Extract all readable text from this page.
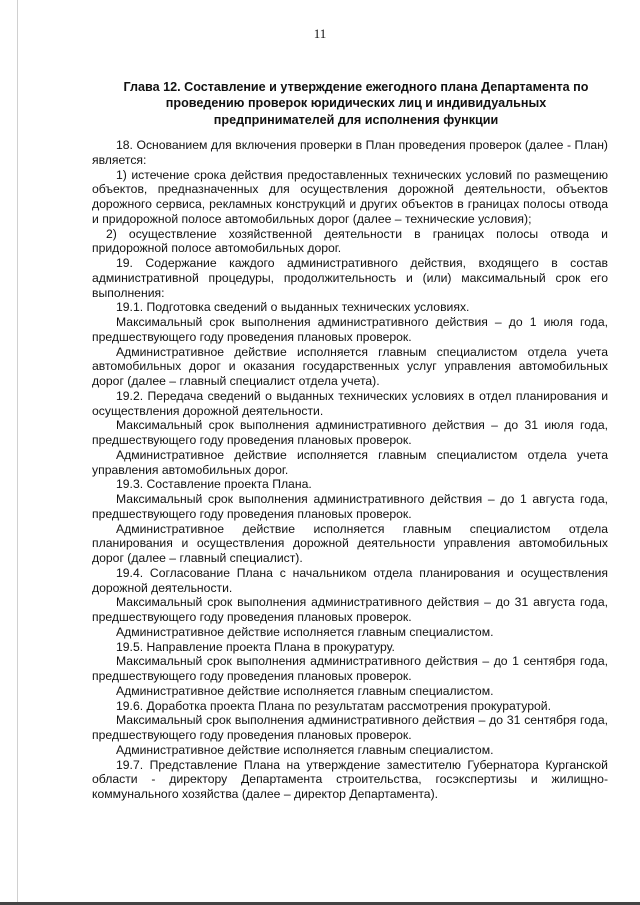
11
Глава 12. Составление и утверждение ежегодного плана Департамента по проведению проверок юридических лиц и индивидуальных предпринимателей для исполнения функции

18. Основанием для включения проверки в План проведения проверок (далее - План) является:

1) истечение срока действия предоставленных технических условий по размещению объектов, предназначенных для осуществления дорожной деятельности, объектов дорожного сервиса, рекламных конструкций и других объектов в границах полосы отвода и придорожной полосе автомобильных дорог (далее – технические условия);

2) осуществление хозяйственной деятельности в границах полосы отвода и придорожной полосе автомобильных дорог.

19. Содержание каждого административного действия, входящего в состав административной процедуры, продолжительность и (или) максимальный срок его выполнения:

19.1. Подготовка сведений о выданных технических условиях.

Максимальный срок выполнения административного действия – до 1 июля года, предшествующего году проведения плановых проверок.

Административное действие исполняется главным специалистом отдела учета автомобильных дорог и оказания государственных услуг управления автомобильных дорог (далее – главный специалист отдела учета).

19.2. Передача сведений о выданных технических условиях в отдел планирования и осуществления дорожной деятельности.

Максимальный срок выполнения административного действия – до 31 июля года, предшествующего году проведения плановых проверок.

Административное действие исполняется главным специалистом отдела учета управления автомобильных дорог.

19.3. Составление проекта Плана.

Максимальный срок выполнения административного действия – до 1 августа года, предшествующего году проведения плановых проверок.

Административное действие исполняется главным специалистом отдела планирования и осуществления дорожной деятельности управления автомобильных дорог (далее – главный специалист).

19.4. Согласование Плана с начальником отдела планирования и осуществления дорожной деятельности.

Максимальный срок выполнения административного действия – до 31 августа года, предшествующего году проведения плановых проверок.

Административное действие исполняется главным специалистом.

19.5. Направление проекта Плана в прокуратуру.

Максимальный срок выполнения административного действия – до 1 сентября года, предшествующего году проведения плановых проверок.

Административное действие исполняется главным специалистом.

19.6. Доработка проекта Плана по результатам рассмотрения прокуратурой.

Максимальный срок выполнения административного действия – до 31 сентября года, предшествующего году проведения плановых проверок.

Административное действие исполняется главным специалистом.

19.7. Представление Плана на утверждение заместителю Губернатора Курганской области - директору Департамента строительства, госэкспертизы и жилищно-коммунального хозяйства (далее – директор Департамента).
